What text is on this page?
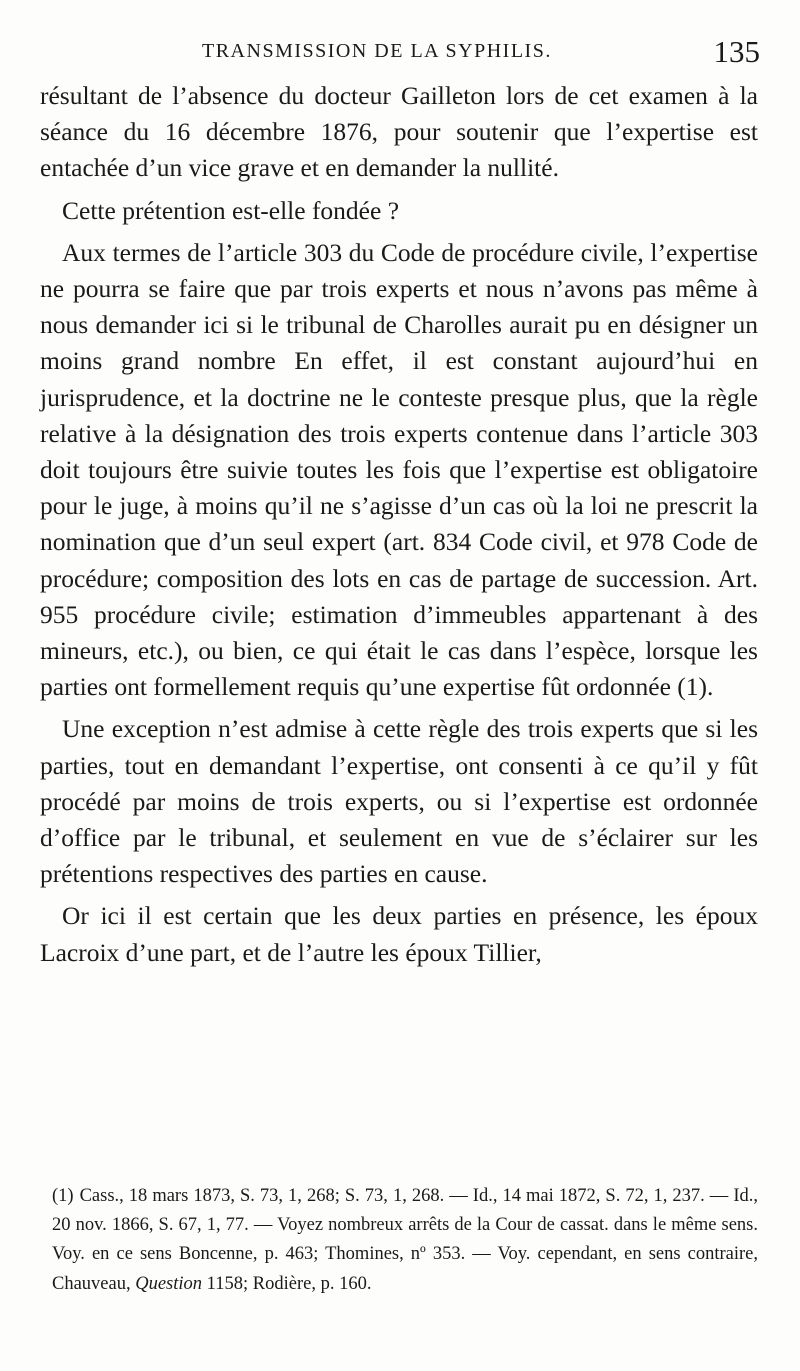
TRANSMISSION DE LA SYPHILIS.	135

résultant de l’absence du docteur Gailleton lors de cet examen à la séance du 16 décembre 1876, pour soutenir que l’expertise est entachée d’un vice grave et en demander la nullité.

Cette prétention est-elle fondée ?

Aux termes de l’article 303 du Code de procédure civile, l’expertise ne pourra se faire que par trois experts et nous n’avons pas même à nous demander ici si le tribunal de Charolles aurait pu en désigner un moins grand nombre En effet, il est constant aujourd’hui en jurisprudence, et la doctrine ne le conteste presque plus, que la règle relative à la désignation des trois experts contenue dans l’article 303 doit toujours être suivie toutes les fois que l’expertise est obligatoire pour le juge, à moins qu’il ne s’agisse d’un cas où la loi ne prescrit la nomination que d’un seul expert (art. 834 Code civil, et 978 Code de procédure; composition des lots en cas de partage de succession. Art. 955 procédure civile; estimation d’immeubles appartenant à des mineurs, etc.), ou bien, ce qui était le cas dans l’espèce, lorsque les parties ont formellement requis qu’une expertise fût ordonnée (1).

Une exception n’est admise à cette règle des trois experts que si les parties, tout en demandant l’expertise, ont consenti à ce qu’il y fût procédé par moins de trois experts, ou si l’expertise est ordonnée d’office par le tribunal, et seulement en vue de s’éclairer sur les prétentions respectives des parties en cause.

Or ici il est certain que les deux parties en présence, les époux Lacroix d’une part, et de l’autre les époux Tillier,

(1) Cass., 18 mars 1873, S. 73, 1, 268; S. 73, 1, 268. — Id., 14 mai 1872, S. 72, 1, 237. — Id., 20 nov. 1866, S. 67, 1, 77. — Voyez nombreux arrêts de la Cour de cassat. dans le même sens. Voy. en ce sens Boncenne, p. 463; Thomines, nº 353. — Voy. cependant, en sens contraire, Chauveau, Question 1158; Rodière, p. 160.
